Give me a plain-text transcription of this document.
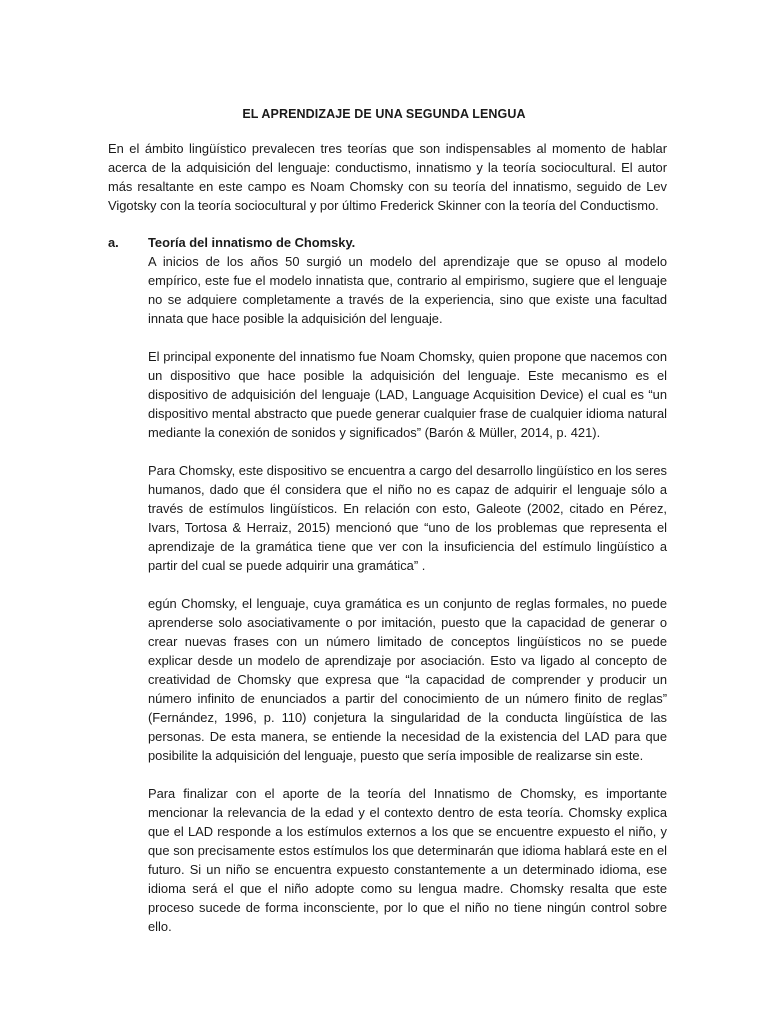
EL APRENDIZAJE DE UNA SEGUNDA LENGUA

En el ámbito lingüístico prevalecen tres teorías que son indispensables al momento de hablar acerca de la adquisición del lenguaje: conductismo, innatismo y la teoría sociocultural. El autor más resaltante en este campo es Noam Chomsky con su teoría del innatismo, seguido de Lev Vigotsky con la teoría sociocultural y por último Frederick Skinner con la teoría del Conductismo.

a.	Teoría del innatismo de Chomsky.

A inicios de los años 50 surgió un modelo del aprendizaje que se opuso al modelo empírico, este fue el modelo innatista que, contrario al empirismo, sugiere que el lenguaje no se adquiere completamente a través de la experiencia, sino que existe una facultad innata que hace posible la adquisición del lenguaje.

El principal exponente del innatismo fue Noam Chomsky, quien propone que nacemos con un dispositivo que hace posible la adquisición del lenguaje. Este mecanismo es el dispositivo de adquisición del lenguaje (LAD, Language Acquisition Device) el cual es “un dispositivo mental abstracto que puede generar cualquier frase de cualquier idioma natural mediante la conexión de sonidos y significados” (Barón & Müller, 2014, p. 421).

Para Chomsky, este dispositivo se encuentra a cargo del desarrollo lingüístico en los seres humanos, dado que él considera que el niño no es capaz de adquirir el lenguaje sólo a través de estímulos lingüísticos. En relación con esto, Galeote (2002, citado en Pérez, Ivars, Tortosa & Herraiz, 2015) mencionó que “uno de los problemas que representa el aprendizaje de la gramática tiene que ver con la insuficiencia del estímulo lingüístico a partir del cual se puede adquirir una gramática” .

egún Chomsky, el lenguaje, cuya gramática es un conjunto de reglas formales, no puede aprenderse solo asociativamente o por imitación, puesto que la capacidad de generar o crear nuevas frases con un número limitado de conceptos lingüísticos no se puede explicar desde un modelo de aprendizaje por asociación. Esto va ligado al concepto de creatividad de Chomsky que expresa que “la capacidad de comprender y producir un número infinito de enunciados a partir del conocimiento de un número finito de reglas” (Fernández, 1996, p. 110) conjetura la singularidad de la conducta lingüística de las personas. De esta manera, se entiende la necesidad de la existencia del LAD para que posibilite la adquisición del lenguaje, puesto que sería imposible de realizarse sin este.

Para finalizar con el aporte de la teoría del Innatismo de Chomsky, es importante mencionar la relevancia de la edad y el contexto dentro de esta teoría. Chomsky explica que el LAD responde a los estímulos externos a los que se encuentre expuesto el niño, y que son precisamente estos estímulos los que determinarán que idioma hablará este en el futuro. Si un niño se encuentra expuesto constantemente a un determinado idioma, ese idioma será el que el niño adopte como su lengua madre. Chomsky resalta que este proceso sucede de forma inconsciente, por lo que el niño no tiene ningún control sobre ello.
